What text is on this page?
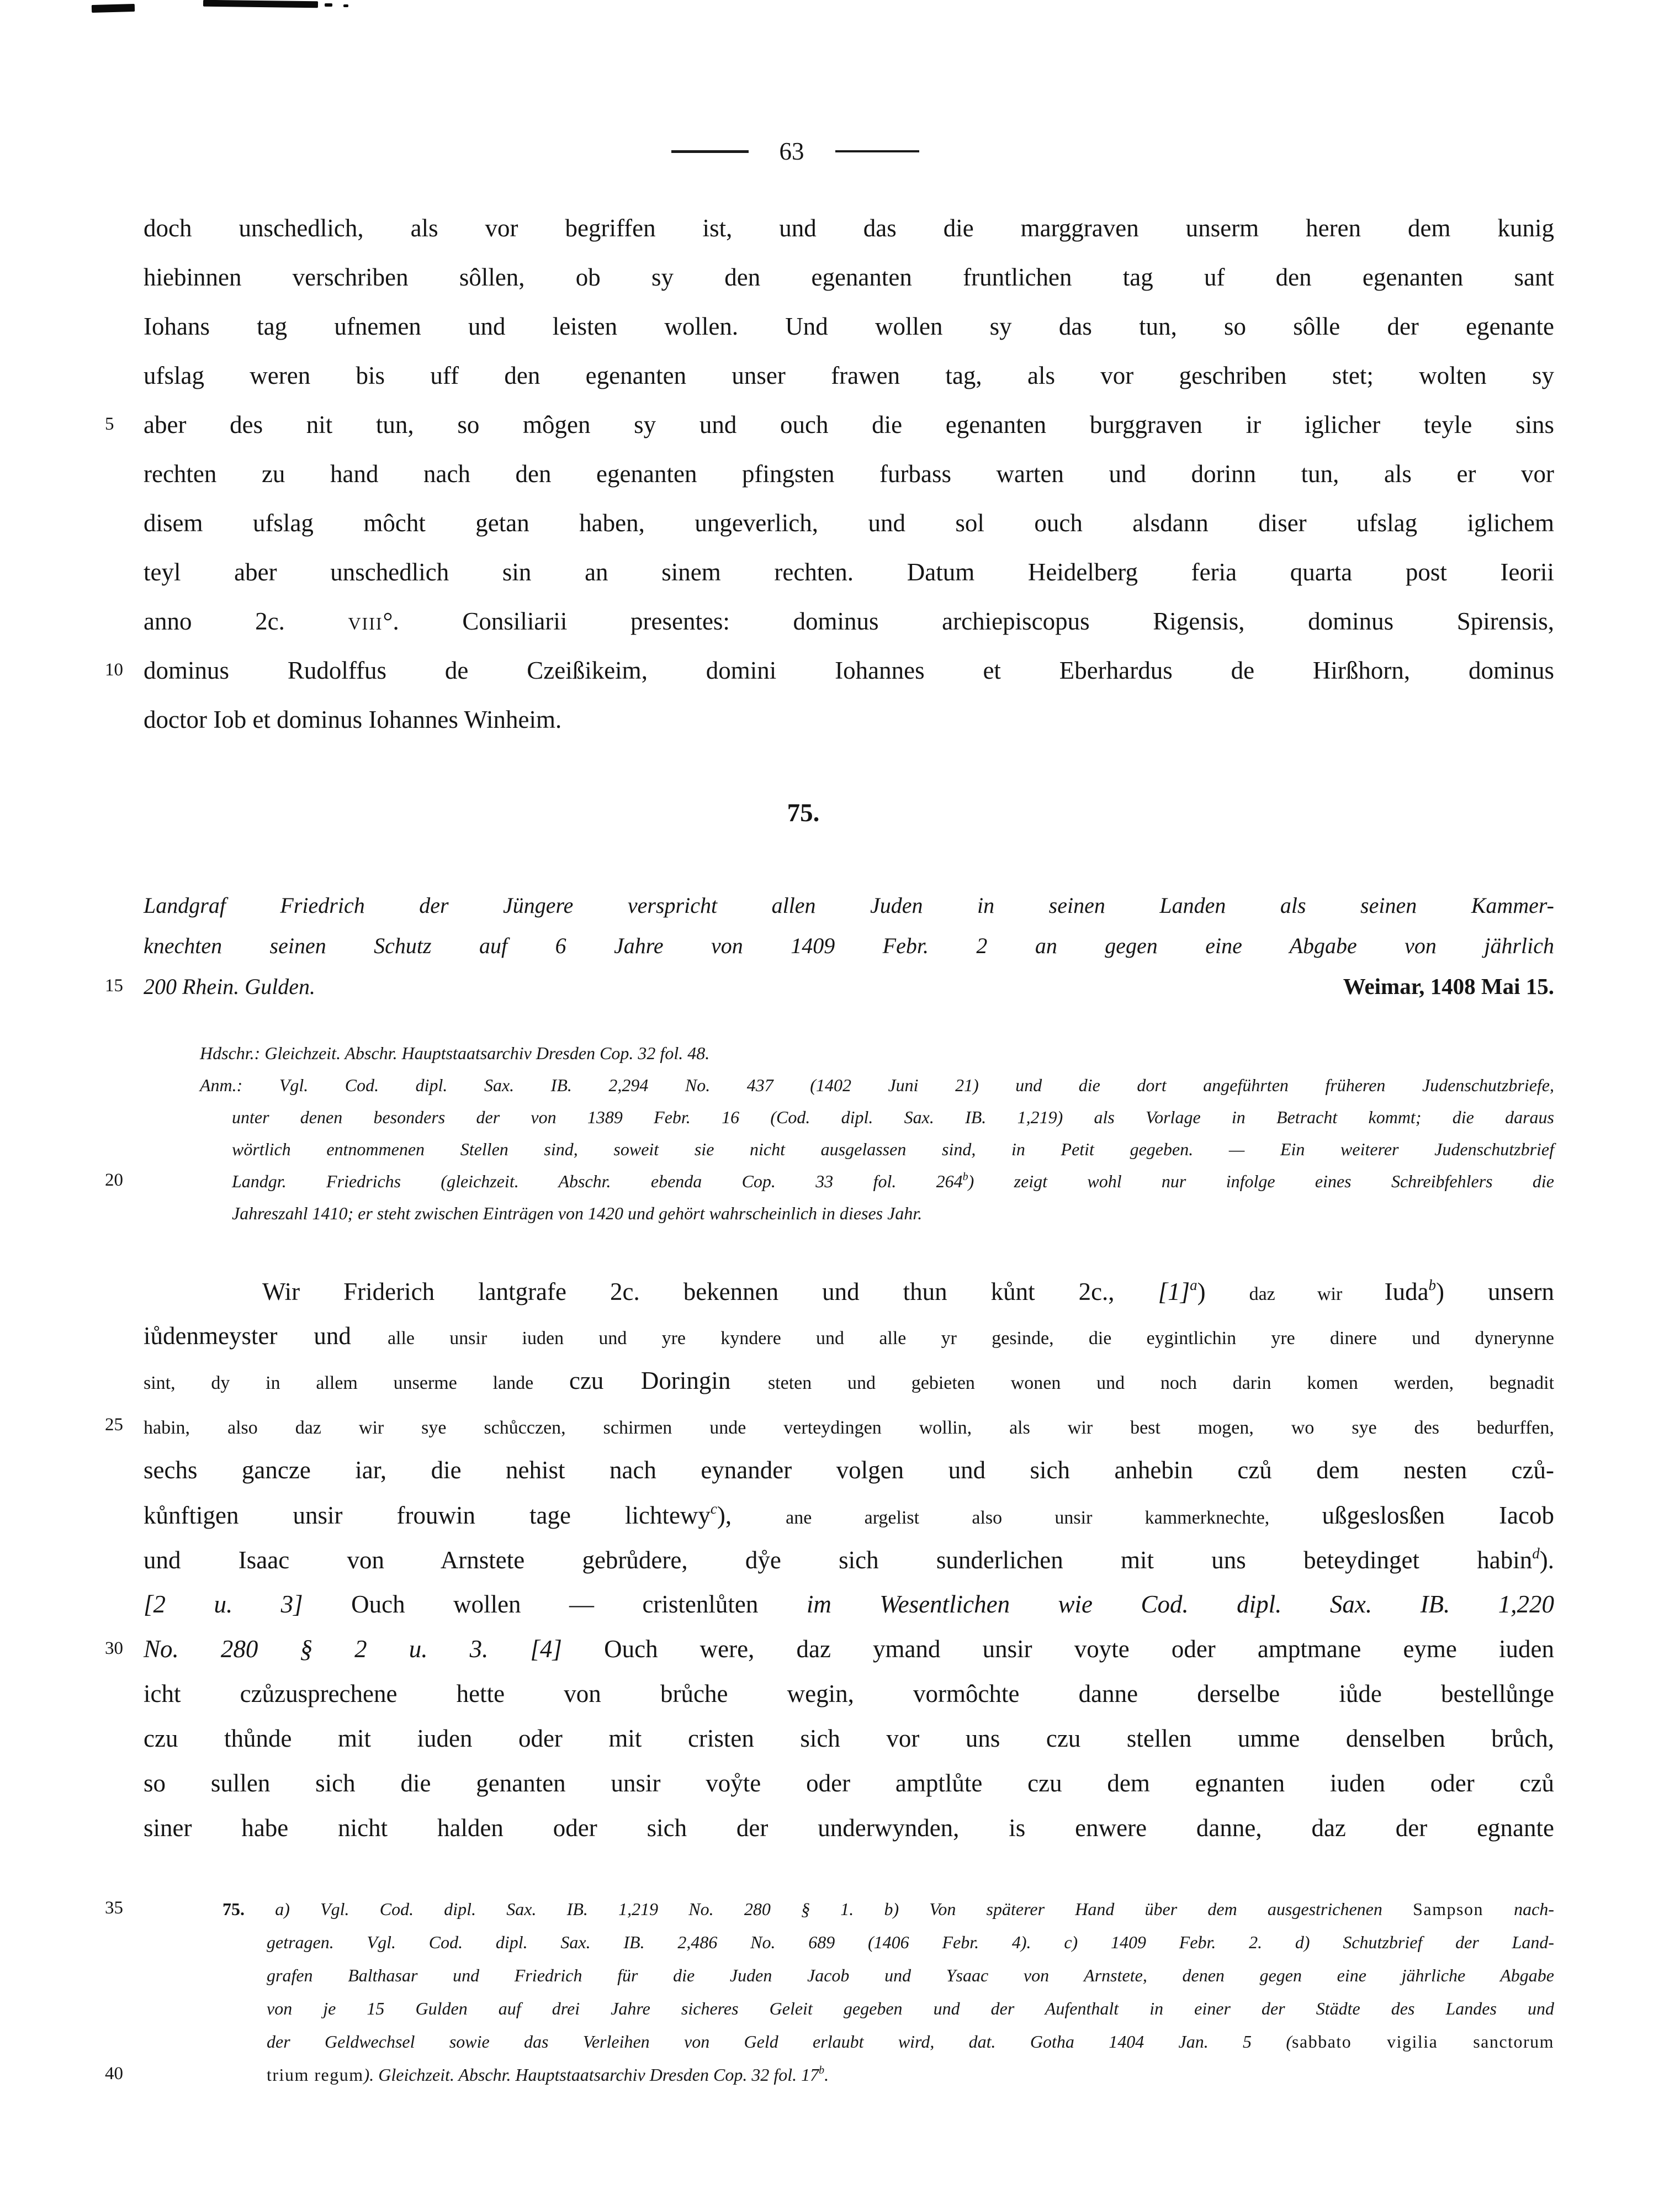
63
75.
doch unschedlich, als vor begriffen ist, und das die marggraven unserm heren dem kunig
hiebinnen verschriben sôllen, ob sy den egenanten fruntlichen tag uf den egenanten sant
Iohans tag ufnemen und leisten wollen. Und wollen sy das tun, so sôlle der egenante
ufslag weren bis uff den egenanten unser frawen tag, als vor geschriben stet; wolten sy
aber des nit tun, so môgen sy und ouch die egenanten burggraven ir iglicher teyle sins
rechten zu hand nach den egenanten pfingsten furbass warten und dorinn tun, als er vor
disem ufslag môcht getan haben, ungeverlich, und sol ouch alsdann diser ufslag iglichem
teyl aber unschedlich sin an sinem rechten. Datum Heidelberg feria quarta post Ieorii
anno 2c. viii°. Consiliarii presentes: dominus archiepiscopus Rigensis, dominus Spirensis,
dominus Rudolffus de Czeißikeim, domini Iohannes et Eberhardus de Hirßhorn, dominus
doctor Iob et dominus Iohannes Winheim.
Landgraf Friedrich der Jüngere verspricht allen Juden in seinen Landen als seinen Kammer-
knechten seinen Schutz auf 6 Jahre von 1409 Febr. 2 an gegen eine Abgabe von jährlich
200 Rhein. Gulden.	Weimar, 1408 Mai 15.
Hdschr.: Gleichzeit. Abschr. Hauptstaatsarchiv Dresden Cop. 32 fol. 48.
Anm.: Vgl. Cod. dipl. Sax. IB. 2,294 No. 437 (1402 Juni 21) und die dort angeführten früheren Judenschutzbriefe,
unter denen besonders der von 1389 Febr. 16 (Cod. dipl. Sax. IB. 1,219) als Vorlage in Betracht kommt; die daraus
wörtlich entnommenen Stellen sind, soweit sie nicht ausgelassen sind, in Petit gegeben. — Ein weiterer Judenschutzbrief
Landgr. Friedrichs (gleichzeit. Abschr. ebenda Cop. 33 fol. 264$^b$) zeigt wohl nur infolge eines Schreibfehlers die
Jahreszahl 1410; er steht zwischen Einträgen von 1420 und gehört wahrscheinlich in dieses Jahr.
Wir Friderich lantgrafe 2c. bekennen und thun kůnt 2c., $[1]^a$) daz wir Iuda$^b$) unsern
iůdenmeyster und alle unsir iuden und yre kyndere und alle yr gesinde, die eygintlichin yre dinere und dynerynne
sint, dy in allem unserme lande czu Doringin steten und gebieten wonen und noch darin komen werden, begnadit
habin, also daz wir sye schůcczen, schirmen unde verteydingen wollin, als wir best mogen, wo sye des bedurffen,
sechs gancze iar, die nehist nach eynander volgen und sich anhebin czů dem nesten czů-
kůnftigen unsir frouwin tage lichtewy$^c$), ane argelist also unsir kammerknechte, ußgeslosßen Iacob
und Isaac von Arnstete gebrůdere, dẙe sich sunderlichen mit uns beteydinget habin$^d$).
[2 u. 3] Ouch wollen — cristenlůten im Wesentlichen wie Cod. dipl. Sax. IB. 1,220
No. 280 § 2 u. 3. [4] Ouch were, daz ymand unsir voyte oder amptmane eyme iuden
icht czůzusprechene hette von brůche wegin, vormôchte danne derselbe iůde bestellůnge
czu thůnde mit iuden oder mit cristen sich vor uns czu stellen umme denselben brůch,
so sullen sich die genanten unsir voẙte oder amptlůte czu dem egnanten iuden oder czů
siner habe nicht halden oder sich der underwynden, is enwere danne, daz der egnante
75. a) Vgl. Cod. dipl. Sax. IB. 1,219 No. 280 § 1. b) Von späterer Hand über dem ausgestrichenen Sampson nach-
getragen. Vgl. Cod. dipl. Sax. IB. 2,486 No. 689 (1406 Febr. 4). c) 1409 Febr. 2. d) Schutzbrief der Land-
grafen Balthasar und Friedrich für die Juden Jacob und Ysaac von Arnstete, denen gegen eine jährliche Abgabe
von je 15 Gulden auf drei Jahre sicheres Geleit gegeben und der Aufenthalt in einer der Städte des Landes und
der Geldwechsel sowie das Verleihen von Geld erlaubt wird, dat. Gotha 1404 Jan. 5 (sabbato vigilia sanctorum
trium regum). Gleichzeit. Abschr. Hauptstaatsarchiv Dresden Cop. 32 fol. 17$^b$.
5
10
15
20
25
30
35
40
